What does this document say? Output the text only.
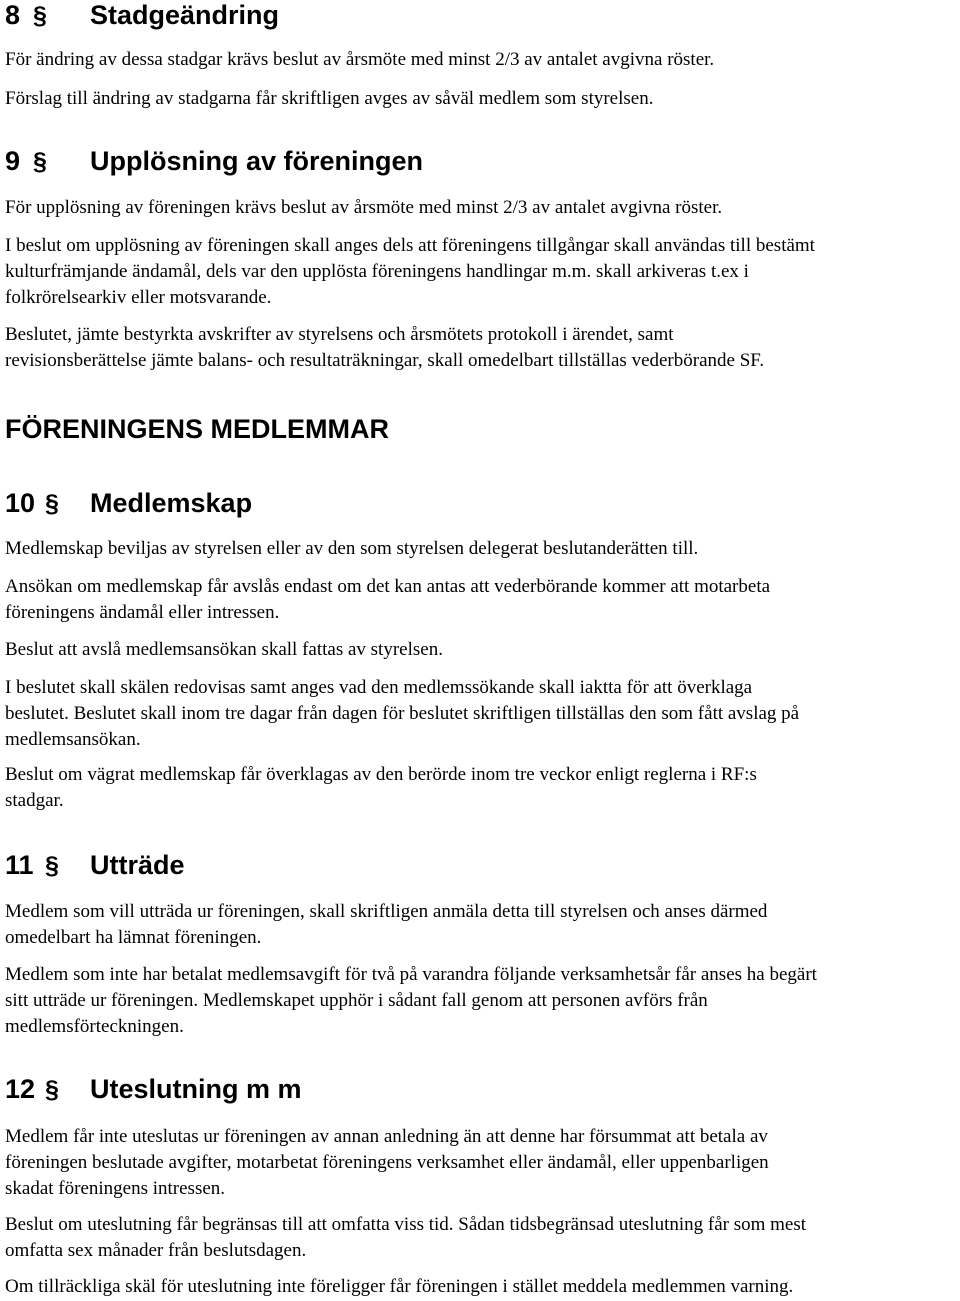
8 §	Stadgeändring

För ändring av dessa stadgar krävs beslut av årsmöte med minst 2/3 av antalet avgivna röster.

Förslag till ändring av stadgarna får skriftligen avges av såväl medlem som styrelsen.

9 §	Upplösning av föreningen

För upplösning av föreningen krävs beslut av årsmöte med minst 2/3 av antalet avgivna röster.

I beslut om upplösning av föreningen skall anges dels att föreningens tillgångar skall användas till bestämt
kulturfrämjande ändamål, dels var den upplösta föreningens handlingar m.m. skall arkiveras t.ex i
folkrörelsearkiv eller motsvarande.

Beslutet, jämte bestyrkta avskrifter av styrelsens och årsmötets protokoll i ärendet, samt
revisionsberättelse jämte balans- och resultaträkningar, skall omedelbart tillställas vederbörande SF.

FÖRENINGENS MEDLEMMAR
10 §	Medlemskap

Medlemskap beviljas av styrelsen eller av den som styrelsen delegerat beslutanderätten till.

Ansökan om medlemskap får avslås endast om det kan antas att vederbörande kommer att motarbeta
föreningens ändamål eller intressen.

Beslut att avslå medlemsansökan skall fattas av styrelsen.

I beslutet skall skälen redovisas samt anges vad den medlemssökande skall iaktta för att överklaga
beslutet. Beslutet skall inom tre dagar från dagen för beslutet skriftligen tillställas den som fått avslag på
medlemsansökan.

Beslut om vägrat medlemskap får överklagas av den berörde inom tre veckor enligt reglerna i RF:s
stadgar.

11 §	Utträde

Medlem som vill utträda ur föreningen, skall skriftligen anmäla detta till styrelsen och anses därmed
omedelbart ha lämnat föreningen.

Medlem som inte har betalat medlemsavgift för två på varandra följande verksamhetsår får anses ha begärt
sitt utträde ur föreningen. Medlemskapet upphör i sådant fall genom att personen avförs från
medlemsförteckningen.

12 §	Uteslutning m m

Medlem får inte uteslutas ur föreningen av annan anledning än att denne har försummat att betala av
föreningen beslutade avgifter, motarbetat föreningens verksamhet eller ändamål, eller uppenbarligen
skadat föreningens intressen.

Beslut om uteslutning får begränsas till att omfatta viss tid. Sådan tidsbegränsad uteslutning får som mest
omfatta sex månader från beslutsdagen.

Om tillräckliga skäl för uteslutning inte föreligger får föreningen i stället meddela medlemmen varning.
